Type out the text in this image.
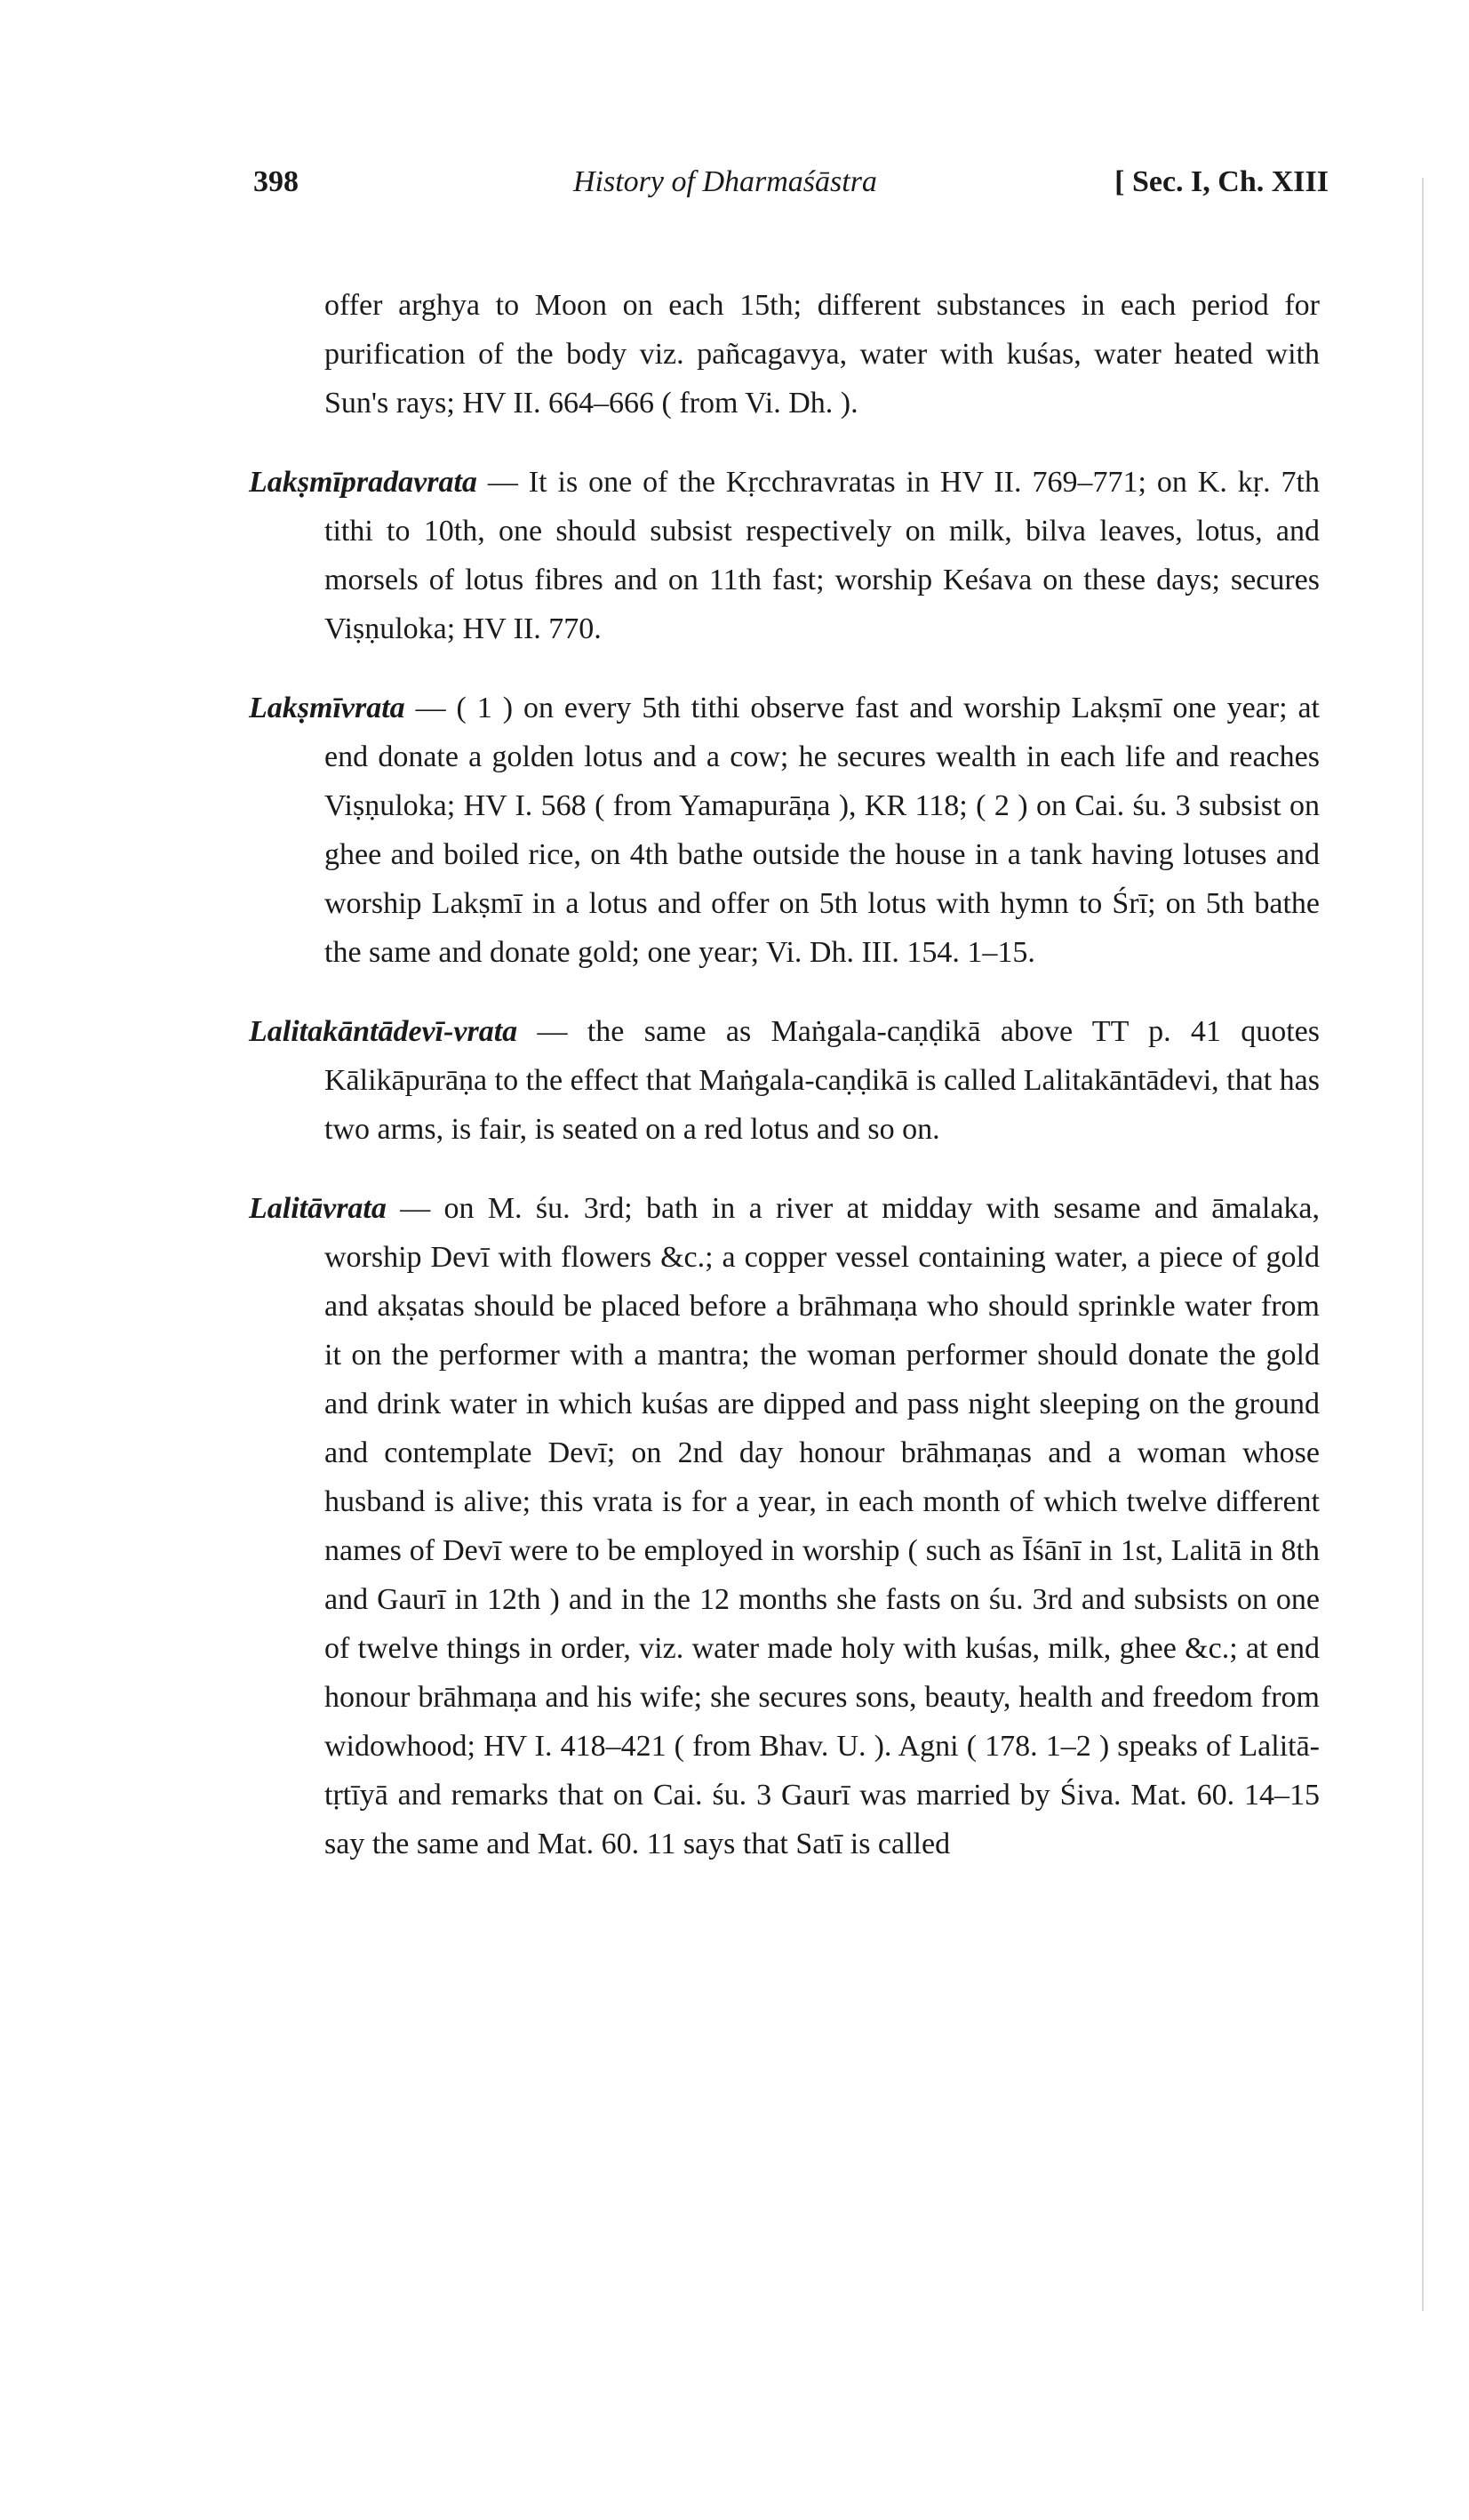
398	History of Dharmaśāstra	[ Sec. I, Ch. XIII

offer arghya to Moon on each 15th; different substances in each period for purification of the body viz. pañcagavya, water with kuśas, water heated with Sun's rays; HV II. 664–666 ( from Vi. Dh. ).

Lakṣmīpradavrata — It is one of the Kṛcchravratas in HV II. 769–771; on K. kṛ. 7th tithi to 10th, one should subsist respectively on milk, bilva leaves, lotus, and morsels of lotus fibres and on 11th fast; worship Keśava on these days; secures Viṣṇuloka; HV II. 770.

Lakṣmīvrata — ( 1 ) on every 5th tithi observe fast and worship Lakṣmī one year; at end donate a golden lotus and a cow; he secures wealth in each life and reaches Viṣṇuloka; HV I. 568 ( from Yamapurāṇa ), KR 118; ( 2 ) on Cai. śu. 3 subsist on ghee and boiled rice, on 4th bathe outside the house in a tank having lotuses and worship Lakṣmī in a lotus and offer on 5th lotus with hymn to Śrī; on 5th bathe the same and donate gold; one year; Vi. Dh. III. 154. 1–15.

Lalitakāntādevī-vrata — the same as Maṅgala-caṇḍikā above TT p. 41 quotes Kālikāpurāṇa to the effect that Maṅgala-caṇḍikā is called Lalitakāntādevi, that has two arms, is fair, is seated on a red lotus and so on.

Lalitāvrata — on M. śu. 3rd; bath in a river at midday with sesame and āmalaka, worship Devī with flowers &c.; a copper vessel containing water, a piece of gold and akṣatas should be placed before a brāhmaṇa who should sprinkle water from it on the performer with a mantra; the woman performer should donate the gold and drink water in which kuśas are dipped and pass night sleeping on the ground and contemplate Devī; on 2nd day honour brāhmaṇas and a woman whose husband is alive; this vrata is for a year, in each month of which twelve different names of Devī were to be employed in worship ( such as Īśānī in 1st, Lalitā in 8th and Gaurī in 12th ) and in the 12 months she fasts on śu. 3rd and subsists on one of twelve things in order, viz. water made holy with kuśas, milk, ghee &c.; at end honour brāhmaṇa and his wife; she secures sons, beauty, health and freedom from widowhood; HV I. 418–421 ( from Bhav. U. ). Agni ( 178. 1–2 ) speaks of Lalitā-tṛtīyā and remarks that on Cai. śu. 3 Gaurī was married by Śiva. Mat. 60. 14–15 say the same and Mat. 60. 11 says that Satī is called
